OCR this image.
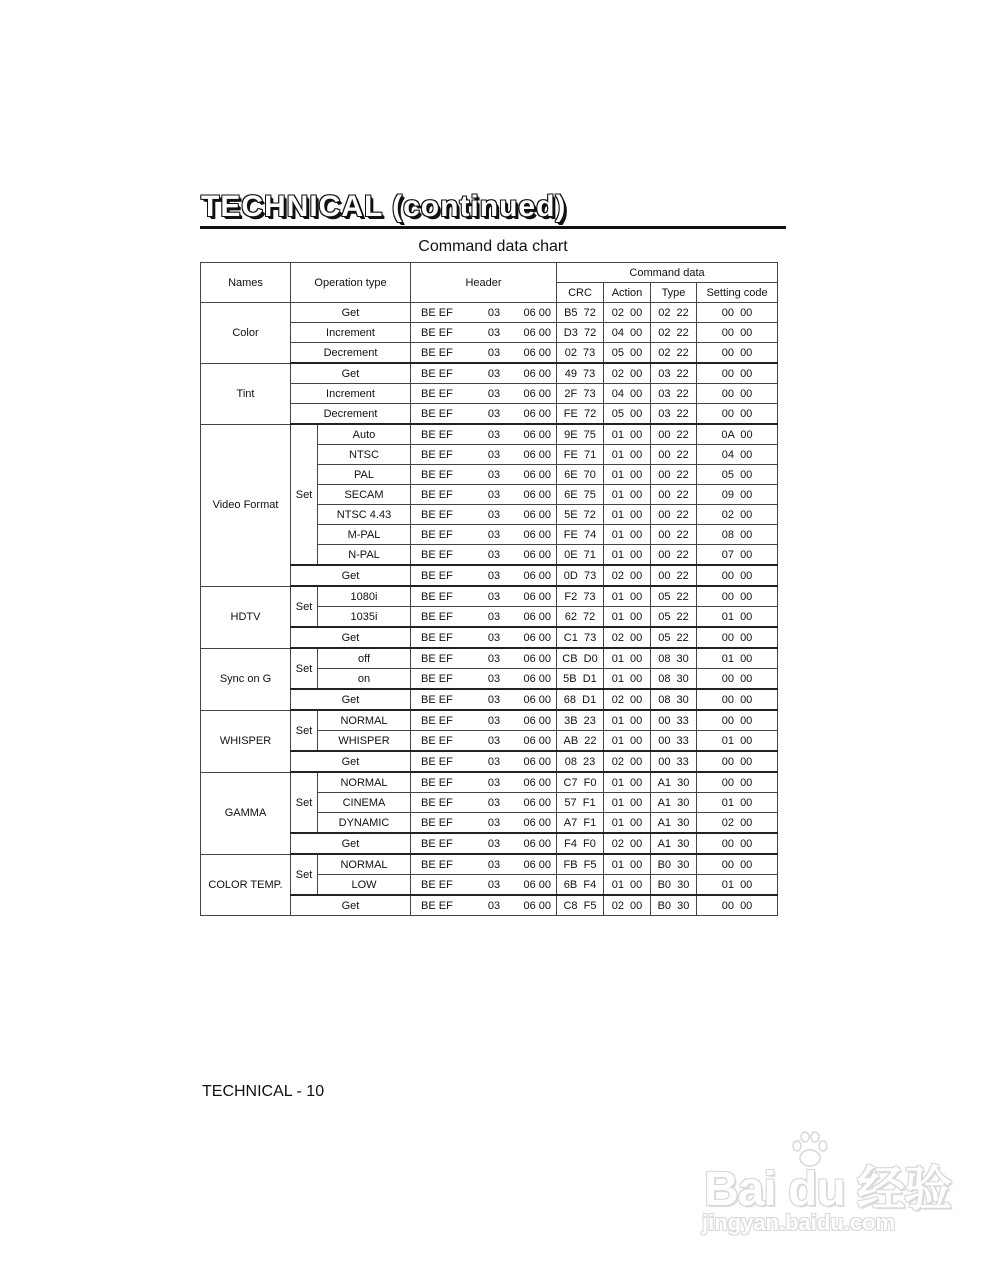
TECHNICAL (continued)
Command data chart
Names	Operation type		Header	Command data			
				CRC	Action	Type	Setting code
Color	Get		BE EF 03 06 00	B5  72	02  00	02  22	00  00
	Increment		BE EF 03 06 00	D3  72	04  00	02  22	00  00
	Decrement		BE EF 03 06 00	02  73	05  00	02  22	00  00
Tint	Get		BE EF 03 06 00	49  73	02  00	03  22	00  00
	Increment		BE EF 03 06 00	2F  73	04  00	03  22	00  00
	Decrement		BE EF 03 06 00	FE  72	05  00	03  22	00  00
Video Format	Set	Auto	BE EF 03 06 00	9E  75	01  00	00  22	0A  00
		NTSC	BE EF 03 06 00	FE  71	01  00	00  22	04  00
		PAL	BE EF 03 06 00	6E  70	01  00	00  22	05  00
		SECAM	BE EF 03 06 00	6E  75	01  00	00  22	09  00
		NTSC 4.43	BE EF 03 06 00	5E  72	01  00	00  22	02  00
		M-PAL	BE EF 03 06 00	FE  74	01  00	00  22	08  00
		N-PAL	BE EF 03 06 00	0E  71	01  00	00  22	07  00
	Get		BE EF 03 06 00	0D  73	02  00	00  22	00  00
HDTV	Set	1080i	BE EF 03 06 00	F2  73	01  00	05  22	00  00
		1035i	BE EF 03 06 00	62  72	01  00	05  22	01  00
	Get		BE EF 03 06 00	C1  73	02  00	05  22	00  00
Sync on G	Set	off	BE EF 03 06 00	CB  D0	01  00	08  30	01  00
		on	BE EF 03 06 00	5B  D1	01  00	08  30	00  00
	Get		BE EF 03 06 00	68  D1	02  00	08  30	00  00
WHISPER	Set	NORMAL	BE EF 03 06 00	3B  23	01  00	00  33	00  00
		WHISPER	BE EF 03 06 00	AB  22	01  00	00  33	01  00
	Get		BE EF 03 06 00	08  23	02  00	00  33	00  00
GAMMA	Set	NORMAL	BE EF 03 06 00	C7  F0	01  00	A1  30	00  00
		CINEMA	BE EF 03 06 00	57  F1	01  00	A1  30	01  00
		DYNAMIC	BE EF 03 06 00	A7  F1	01  00	A1  30	02  00
	Get		BE EF 03 06 00	F4  F0	02  00	A1  30	00  00
COLOR TEMP.	Set	NORMAL	BE EF 03 06 00	FB  F5	01  00	B0  30	00  00
		LOW	BE EF 03 06 00	6B  F4	01  00	B0  30	01  00
	Get		BE EF 03 06 00	C8  F5	02  00	B0  30	00  00
TECHNICAL - 10
Bai du 经验
jingyan.baidu.com
